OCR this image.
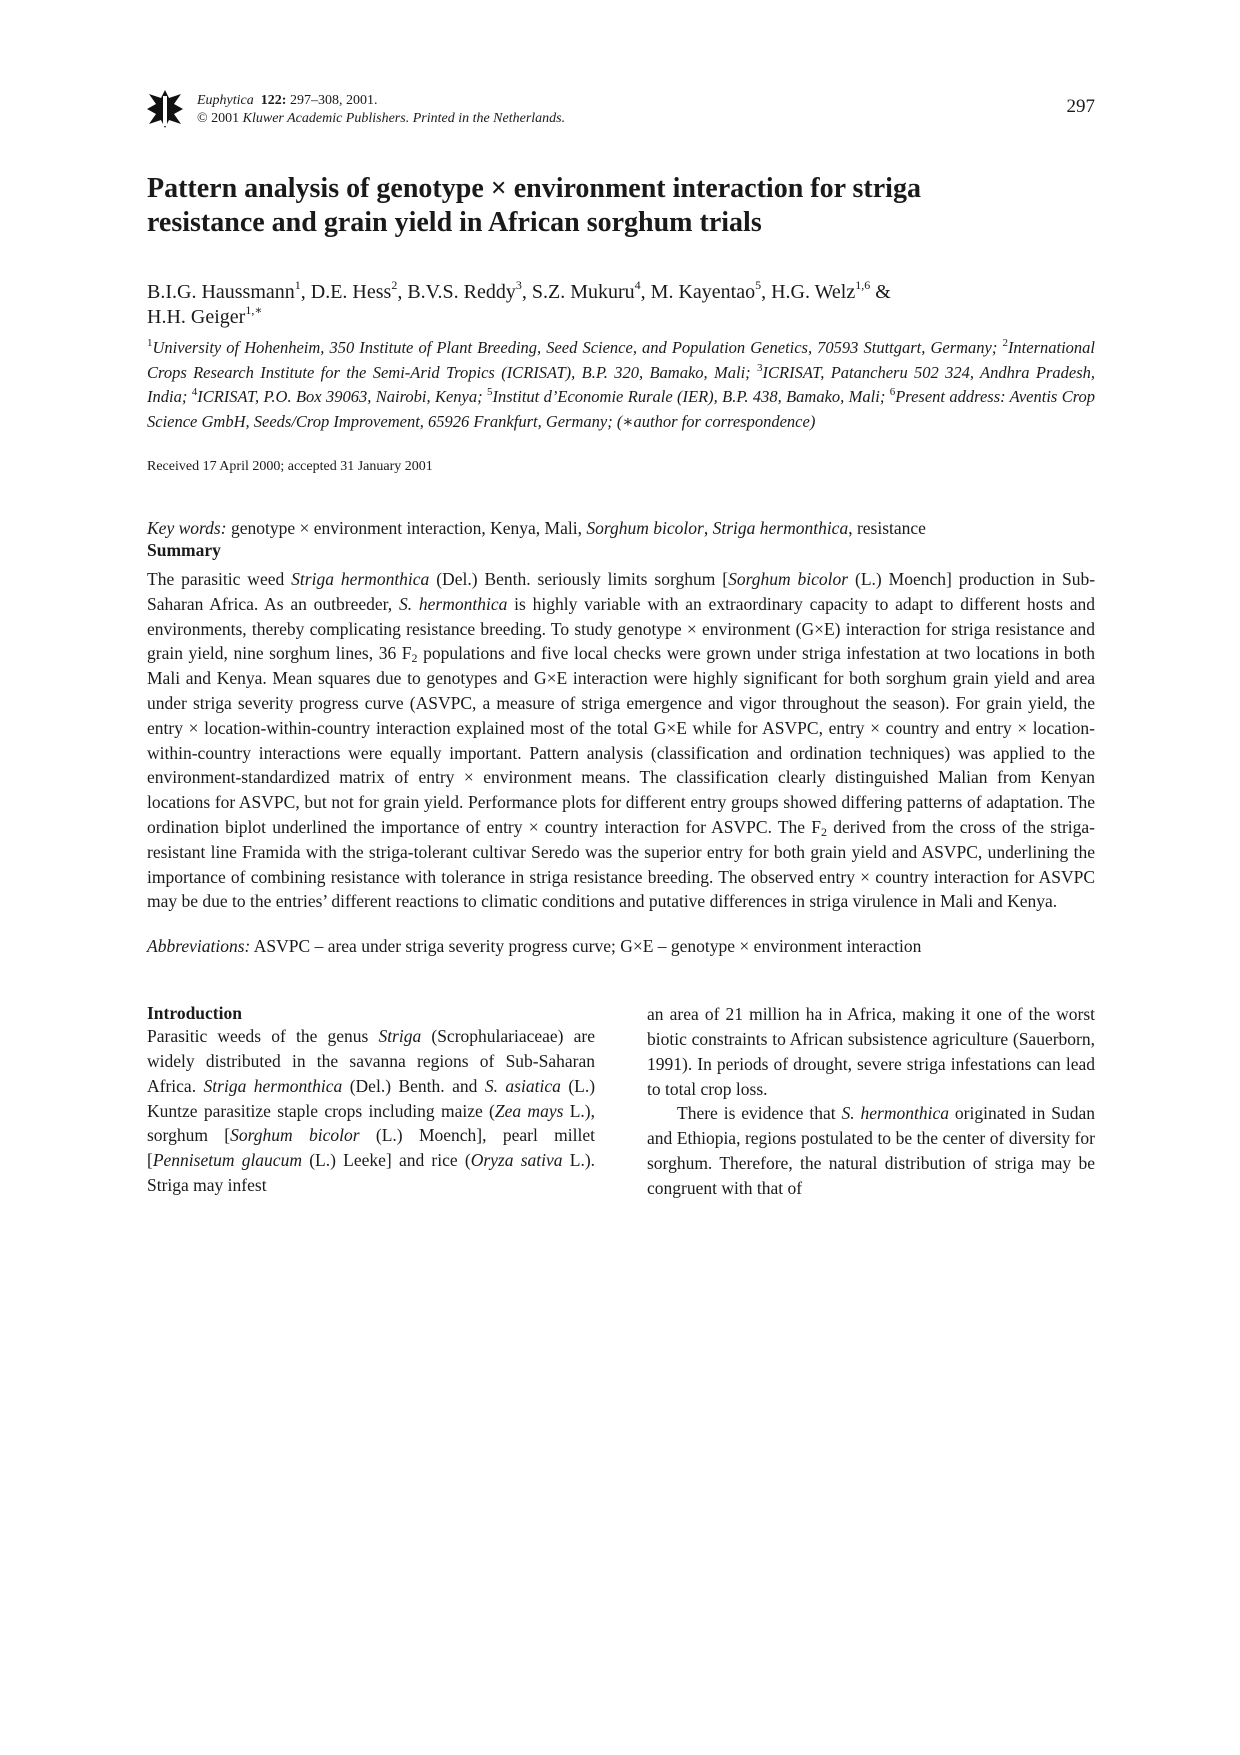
Euphytica 122: 297–308, 2001.
© 2001 Kluwer Academic Publishers. Printed in the Netherlands.
297
Pattern analysis of genotype × environment interaction for striga resistance and grain yield in African sorghum trials
B.I.G. Haussmann$^1$, D.E. Hess$^2$, B.V.S. Reddy$^3$, S.Z. Mukuru$^4$, M. Kayentao$^5$, H.G. Welz$^{1,6}$ &
H.H. Geiger$^{1,∗}$
$^1$University of Hohenheim, 350 Institute of Plant Breeding, Seed Science, and Population Genetics, 70593 Stuttgart, Germany; $^2$International Crops Research Institute for the Semi-Arid Tropics (ICRISAT), B.P. 320, Bamako, Mali; $^3$ICRISAT, Patancheru 502 324, Andhra Pradesh, India; $^4$ICRISAT, P.O. Box 39063, Nairobi, Kenya; $^5$Institut d’Economie Rurale (IER), B.P. 438, Bamako, Mali; $^6$Present address: Aventis Crop Science GmbH, Seeds/Crop Improvement, 65926 Frankfurt, Germany; (∗author for correspondence)
Received 17 April 2000; accepted 31 January 2001
Key words: genotype × environment interaction, Kenya, Mali, Sorghum bicolor, Striga hermonthica, resistance
Summary

The parasitic weed Striga hermonthica (Del.) Benth. seriously limits sorghum [Sorghum bicolor (L.) Moench] production in Sub-Saharan Africa. As an outbreeder, S. hermonthica is highly variable with an extraordinary capacity to adapt to different hosts and environments, thereby complicating resistance breeding. To study genotype × environment (G×E) interaction for striga resistance and grain yield, nine sorghum lines, 36 $F_2$ populations and five local checks were grown under striga infestation at two locations in both Mali and Kenya. Mean squares due to genotypes and G×E interaction were highly significant for both sorghum grain yield and area under striga severity progress curve (ASVPC, a measure of striga emergence and vigor throughout the season). For grain yield, the entry × location-within-country interaction explained most of the total G×E while for ASVPC, entry × country and entry × location-within-country interactions were equally important. Pattern analysis (classification and ordination techniques) was applied to the environment-standardized matrix of entry × environment means. The classification clearly distinguished Malian from Kenyan locations for ASVPC, but not for grain yield. Performance plots for different entry groups showed differing patterns of adaptation. The ordination biplot underlined the importance of entry × country interaction for ASVPC. The $F_2$ derived from the cross of the striga-resistant line Framida with the striga-tolerant cultivar Seredo was the superior entry for both grain yield and ASVPC, underlining the importance of combining resistance with tolerance in striga resistance breeding. The observed entry × country interaction for ASVPC may be due to the entries’ different reactions to climatic conditions and putative differences in striga virulence in Mali and Kenya.

Abbreviations: ASVPC – area under striga severity progress curve; G×E – genotype × environment interaction
Introduction

Parasitic weeds of the genus Striga (Scrophulariaceae) are widely distributed in the savanna regions of Sub-Saharan Africa. Striga hermonthica (Del.) Benth. and S. asiatica (L.) Kuntze parasitize staple crops including maize (Zea mays L.), sorghum [Sorghum bicolor (L.) Moench], pearl millet [Pennisetum glaucum (L.) Leeke] and rice (Oryza sativa L.). Striga may infest

an area of 21 million ha in Africa, making it one of the worst biotic constraints to African subsistence agriculture (Sauerborn, 1991). In periods of drought, severe striga infestations can lead to total crop loss.

There is evidence that S. hermonthica originated in Sudan and Ethiopia, regions postulated to be the center of diversity for sorghum. Therefore, the natural distribution of striga may be congruent with that of
